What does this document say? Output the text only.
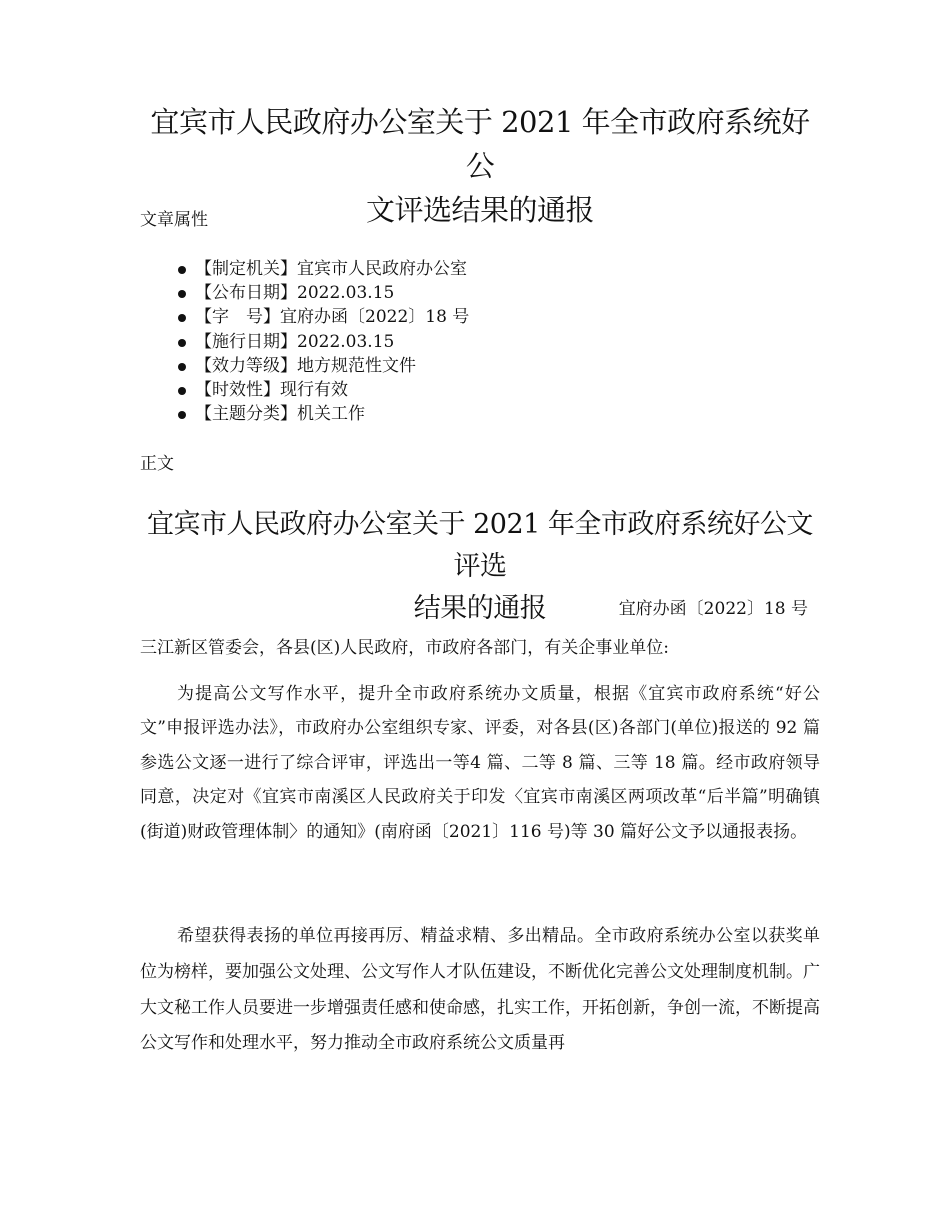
宜宾市人民政府办公室关于 2021 年全市政府系统好公
文评选结果的通报
文章属性
【制定机关】宜宾市人民政府办公室
【公布日期】2022.03.15
【字　号】宜府办函〔2022〕18 号
【施行日期】2022.03.15
【效力等级】地方规范性文件
【时效性】现行有效
【主题分类】机关工作
正文
宜宾市人民政府办公室关于 2021 年全市政府系统好公文评选
结果的通报	宜府办函〔2022〕18 号
三江新区管委会，各县(区)人民政府，市政府各部门，有关企事业单位:

为提高公文写作水平，提升全市政府系统办文质量，根据《宜宾市政府系统“好公文”申报评选办法》，市政府办公室组织专家、评委，对各县(区)各部门(单位)报送的 92 篇参选公文逐一进行了综合评审，评选出一等4 篇、二等 8 篇、三等 18 篇。经市政府领导同意，决定对《宜宾市南溪区人民政府关于印发〈宜宾市南溪区两项改革“后半篇”明确镇(街道)财政管理体制〉的通知》(南府函〔2021〕116 号)等 30 篇好公文予以通报表扬。

希望获得表扬的单位再接再厉、精益求精、多出精品。全市政府系统办公室以获奖单位为榜样，要加强公文处理、公文写作人才队伍建设，不断优化完善公文处理制度机制。广大文秘工作人员要进一步增强责任感和使命感，扎实工作，开拓创新，争创一流，不断提高公文写作和处理水平，努力推动全市政府系统公文质量再
